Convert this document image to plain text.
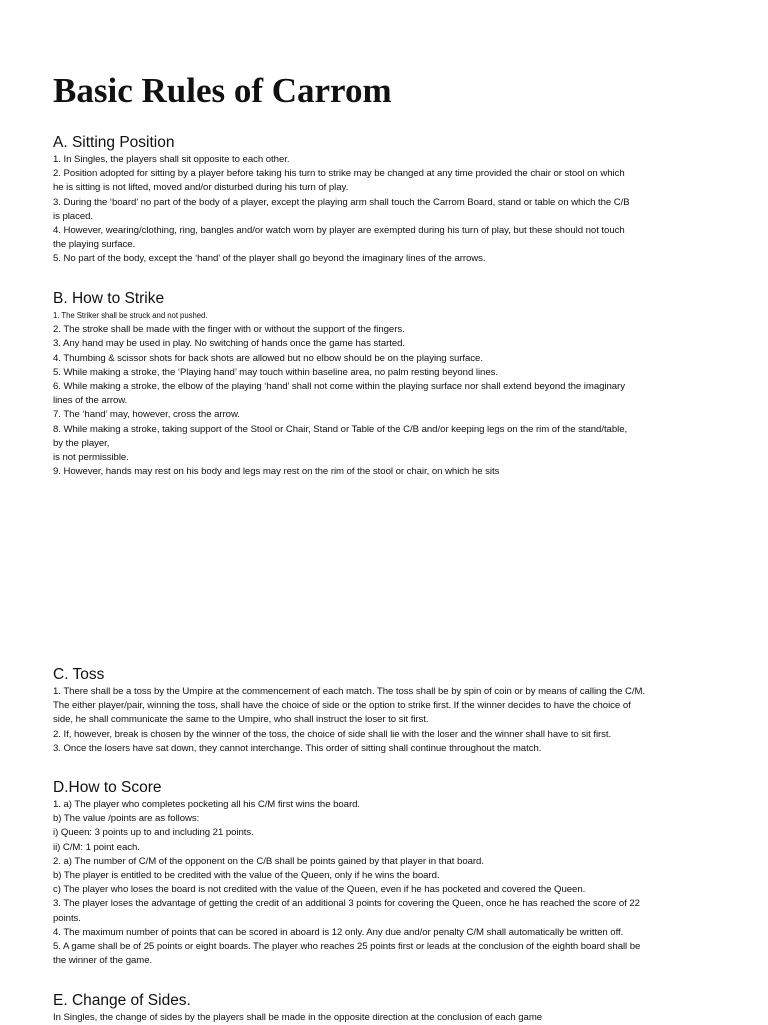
Basic Rules of Carrom
A. Sitting Position
1. In Singles, the players shall sit opposite to each other.
2. Position adopted for sitting by a player before taking his turn to strike may be changed at any time provided the chair or stool on which
he is sitting is not lifted, moved and/or disturbed during his turn of play.
3. During the ‘board’ no part of the body of a player, except the playing arm shall touch the Carrom Board, stand or table on which the C/B
is placed.
4. However, wearing/clothing, ring, bangles and/or watch worn by player are exempted during his turn of play, but these should not touch
the playing surface.
5. No part of the body, except the ‘hand’ of the player shall go beyond the imaginary lines of the arrows.
B. How to Strike
1. The Striker shall be struck and not pushed.
2. The stroke shall be made with the finger with or without the support of the fingers.
3. Any hand may be used in play. No switching of hands once the game has started.
4. Thumbing & scissor shots for back shots are allowed but no elbow should be on the playing surface.
5. While making a stroke, the ‘Playing hand’ may touch within baseline area, no palm resting beyond lines.
6. While making a stroke, the elbow of the playing ‘hand’ shall not come within the playing surface nor shall extend beyond the imaginary
lines of the arrow.
7. The ‘hand’ may, however, cross the arrow.
8. While making a stroke, taking support of the Stool or Chair, Stand or Table of the C/B and/or keeping legs on the rim of the stand/table,
by the player,
is not permissible.
9. However, hands may rest on his body and legs may rest on the rim of the stool or chair, on which he sits
C. Toss
1. There shall be a toss by the Umpire at the commencement of each match. The toss shall be by spin of coin or by means of calling the C/M.
The either player/pair, winning the toss, shall have the choice of side or the option to strike first. If the winner decides to have the choice of
side, he shall communicate the same to the Umpire, who shall instruct the loser to sit first.
2. If, however, break is chosen by the winner of the toss, the choice of side shall lie with the loser and the winner shall have to sit first.
3. Once the losers have sat down, they cannot interchange. This order of sitting shall continue throughout the match.
D.How to Score
1. a) The player who completes pocketing all his C/M first wins the board.
b) The value /points are as follows:
i) Queen: 3 points up to and including 21 points.
ii) C/M: 1 point each.
2. a) The number of C/M of the opponent on the C/B shall be points gained by that player in that board.
b) The player is entitled to be credited with the value of the Queen, only if he wins the board.
c) The player who loses the board is not credited with the value of the Queen, even if he has pocketed and covered the Queen.
3. The player loses the advantage of getting the credit of an additional 3 points for covering the Queen, once he has reached the score of 22
points.
4. The maximum number of points that can be scored in aboard is 12 only. Any due and/or penalty C/M shall automatically be written off.
5. A game shall be of 25 points or eight boards. The player who reaches 25 points first or leads at the conclusion of the eighth board shall be
the winner of the game.
E. Change of Sides.
In Singles, the change of sides by the players shall be made in the opposite direction at the conclusion of each game
